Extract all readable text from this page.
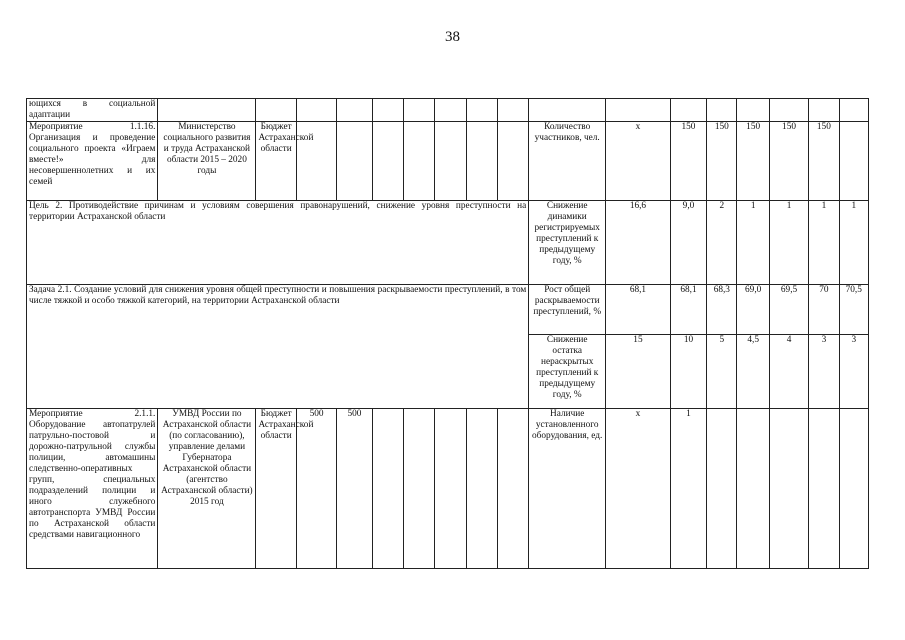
38
ющихся в социальной адаптации																	
Мероприятие 1.1.16. Организация и проведение социального проекта «Играем вместе!» для несовершеннолетних и их семей	Министерство социального развития и труда Астраханской области 2015 – 2020 годы	Бюджет Астраханской области								Количество участников, чел.	х	150	150	150	150	150	
Цель 2. Противодействие причинам и условиям совершения правонарушений, снижение уровня преступности на территории Астраханской области										Снижение динамики регистрируемых преступлений к предыдущему году, %	16,6	9,0	2	1	1	1	1
Задача 2.1. Создание условий для снижения уровня общей преступности и повышения раскрываемости преступлений, в том числе тяжкой и особо тяжкой категорий, на территории Астраханской области										Рост общей раскрываемости преступлений, %	68,1	68,1	68,3	69,0	69,5	70	70,5
										Снижение остатка нераскрытых преступлений к предыдущему году, %	15	10	5	4,5	4	3	3
Мероприятие 2.1.1. Оборудование автопатрулей патрульно-постовой и дорожно-патрульной службы полиции, автомашины следственно-оперативных групп, специальных подразделений полиции и иного служебного автотранспорта УМВД России по Астраханской области средствами навигационного	УМВД России по Астраханской области (по согласованию), управление делами Губернатора Астраханской области (агентство Астраханской области) 2015 год	Бюджет Астраханской области	500	500						Наличие установленного оборудования, ед.	х	1					
